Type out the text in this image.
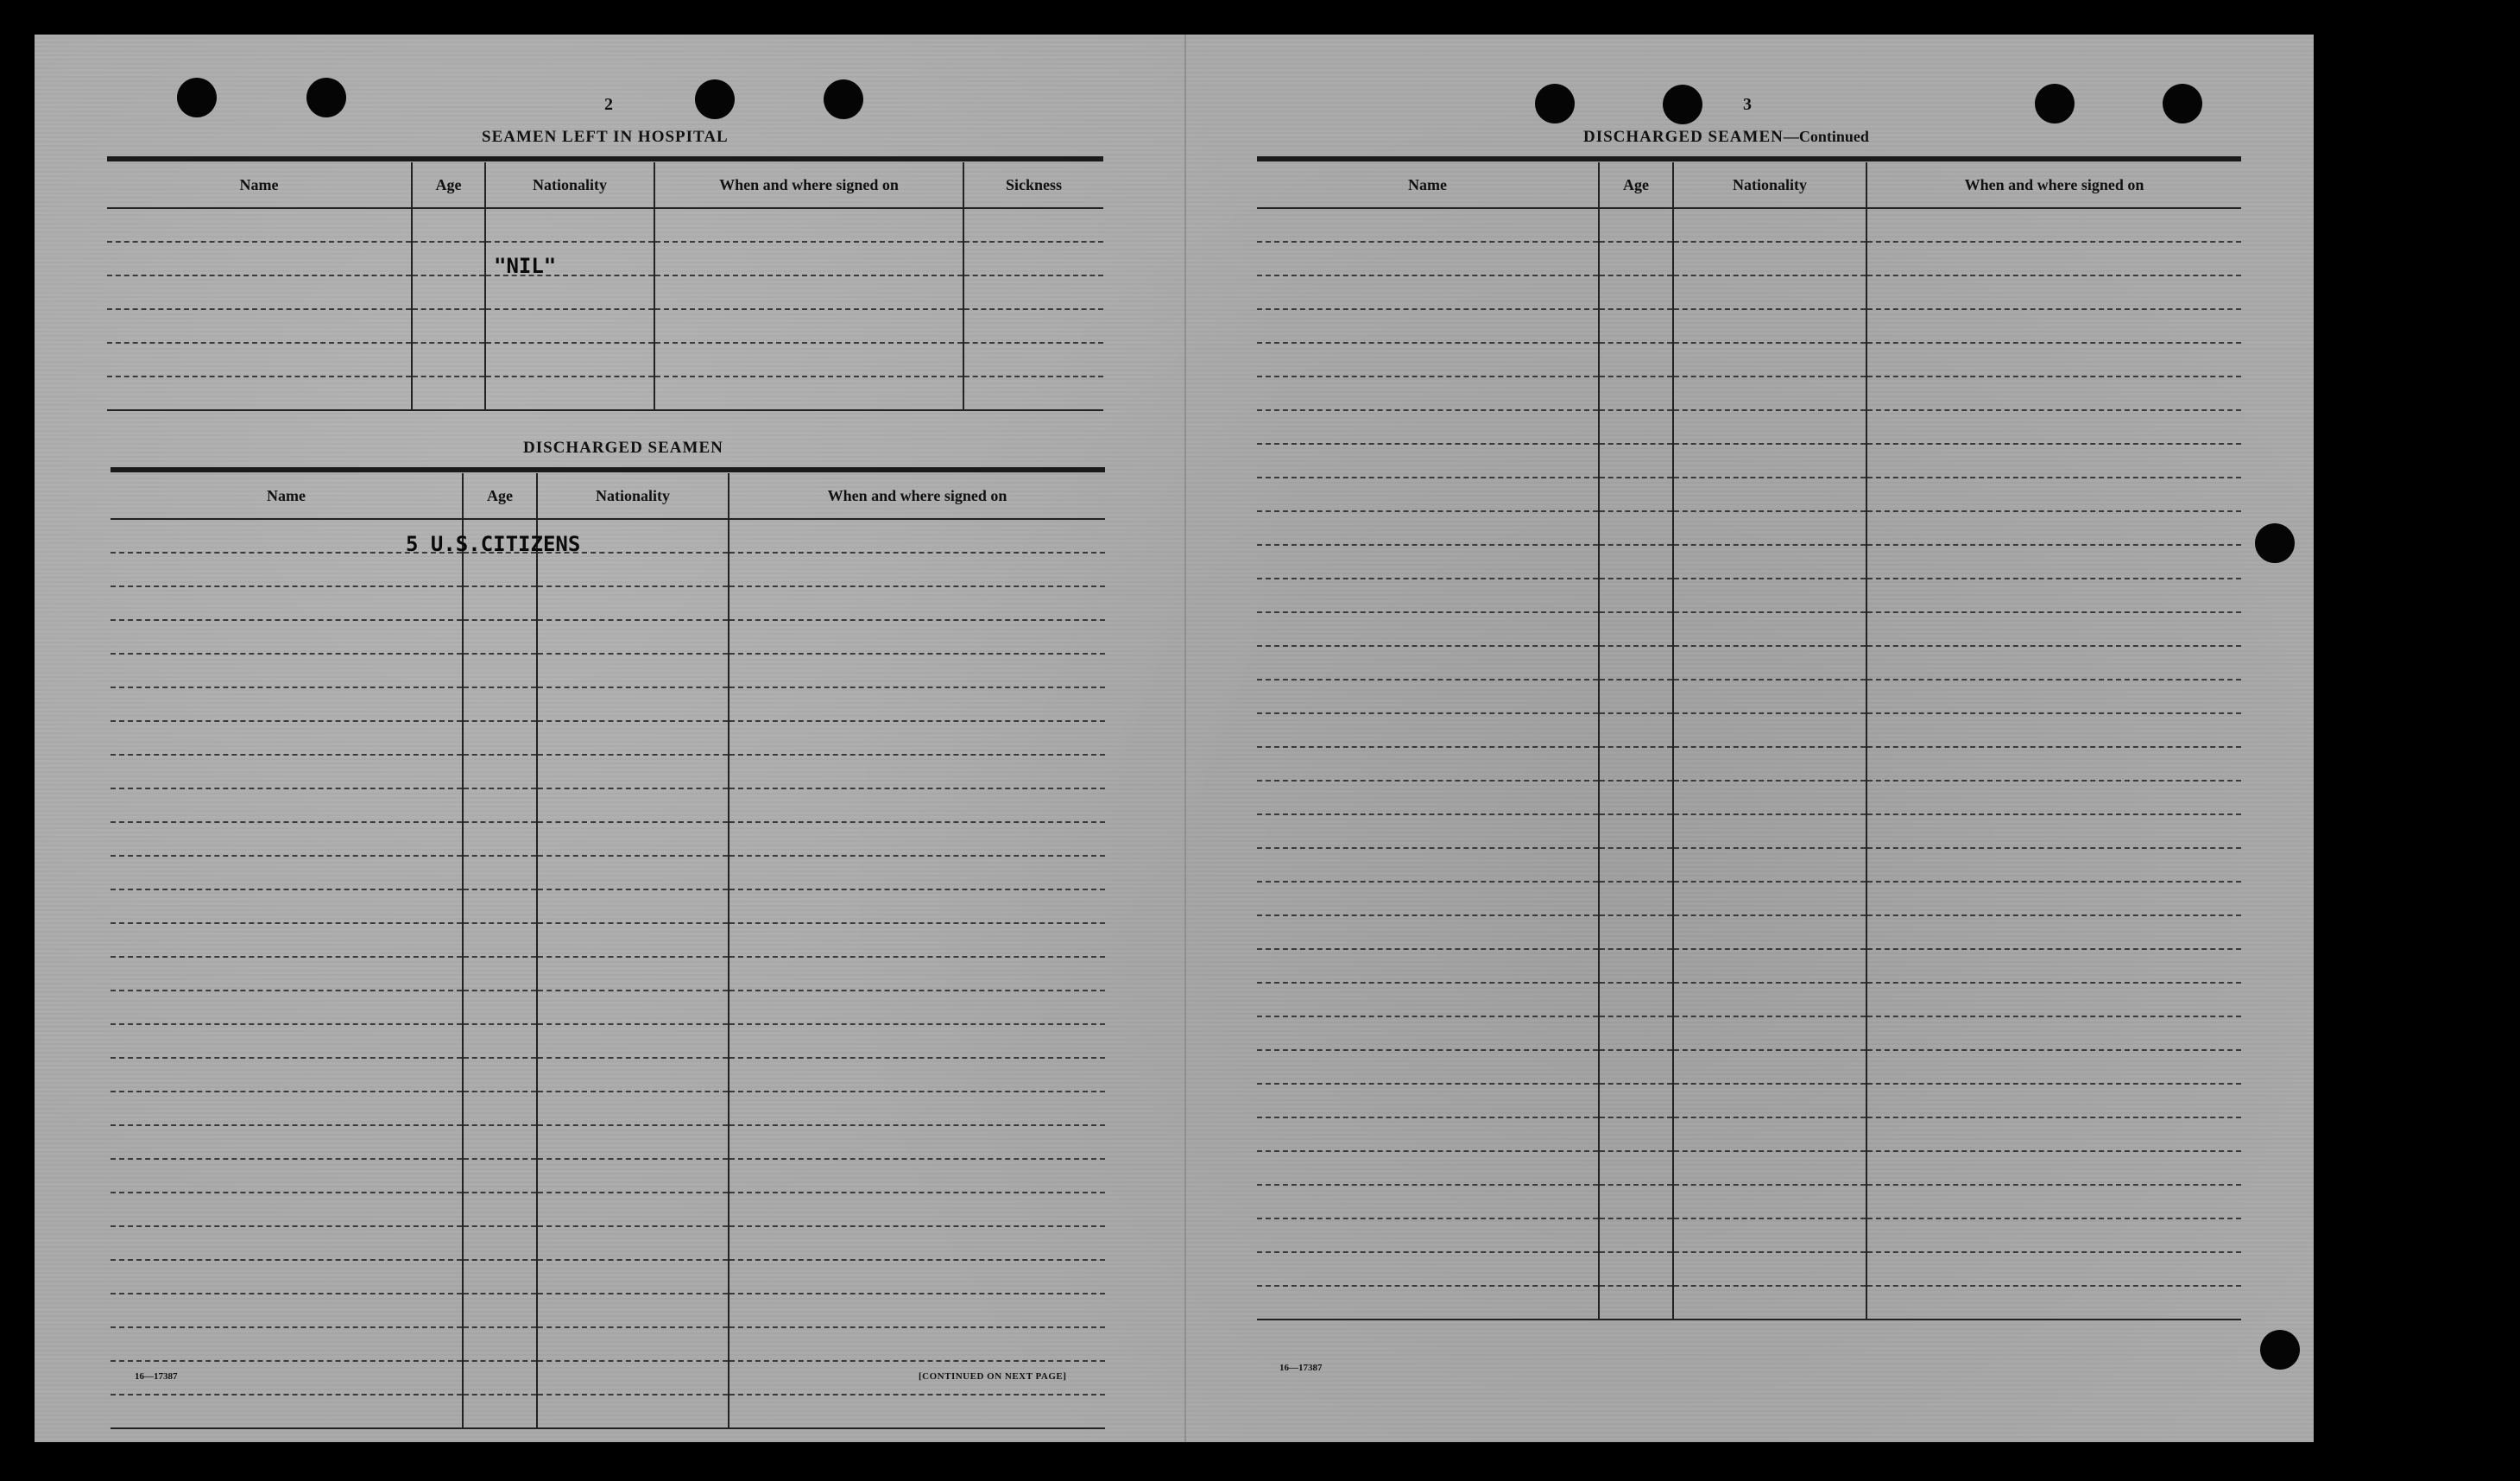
2
SEAMEN LEFT IN HOSPITAL
Name	Age	Nationality	When and where signed on	Sickness

"NIL"
DISCHARGED SEAMEN
Name	Age	Nationality	When and where signed on

5 U.S.CITIZENS
16—17387	[CONTINUED ON NEXT PAGE]
3
DISCHARGED SEAMEN—Continued
Name	Age	Nationality	When and where signed on

16—17387
